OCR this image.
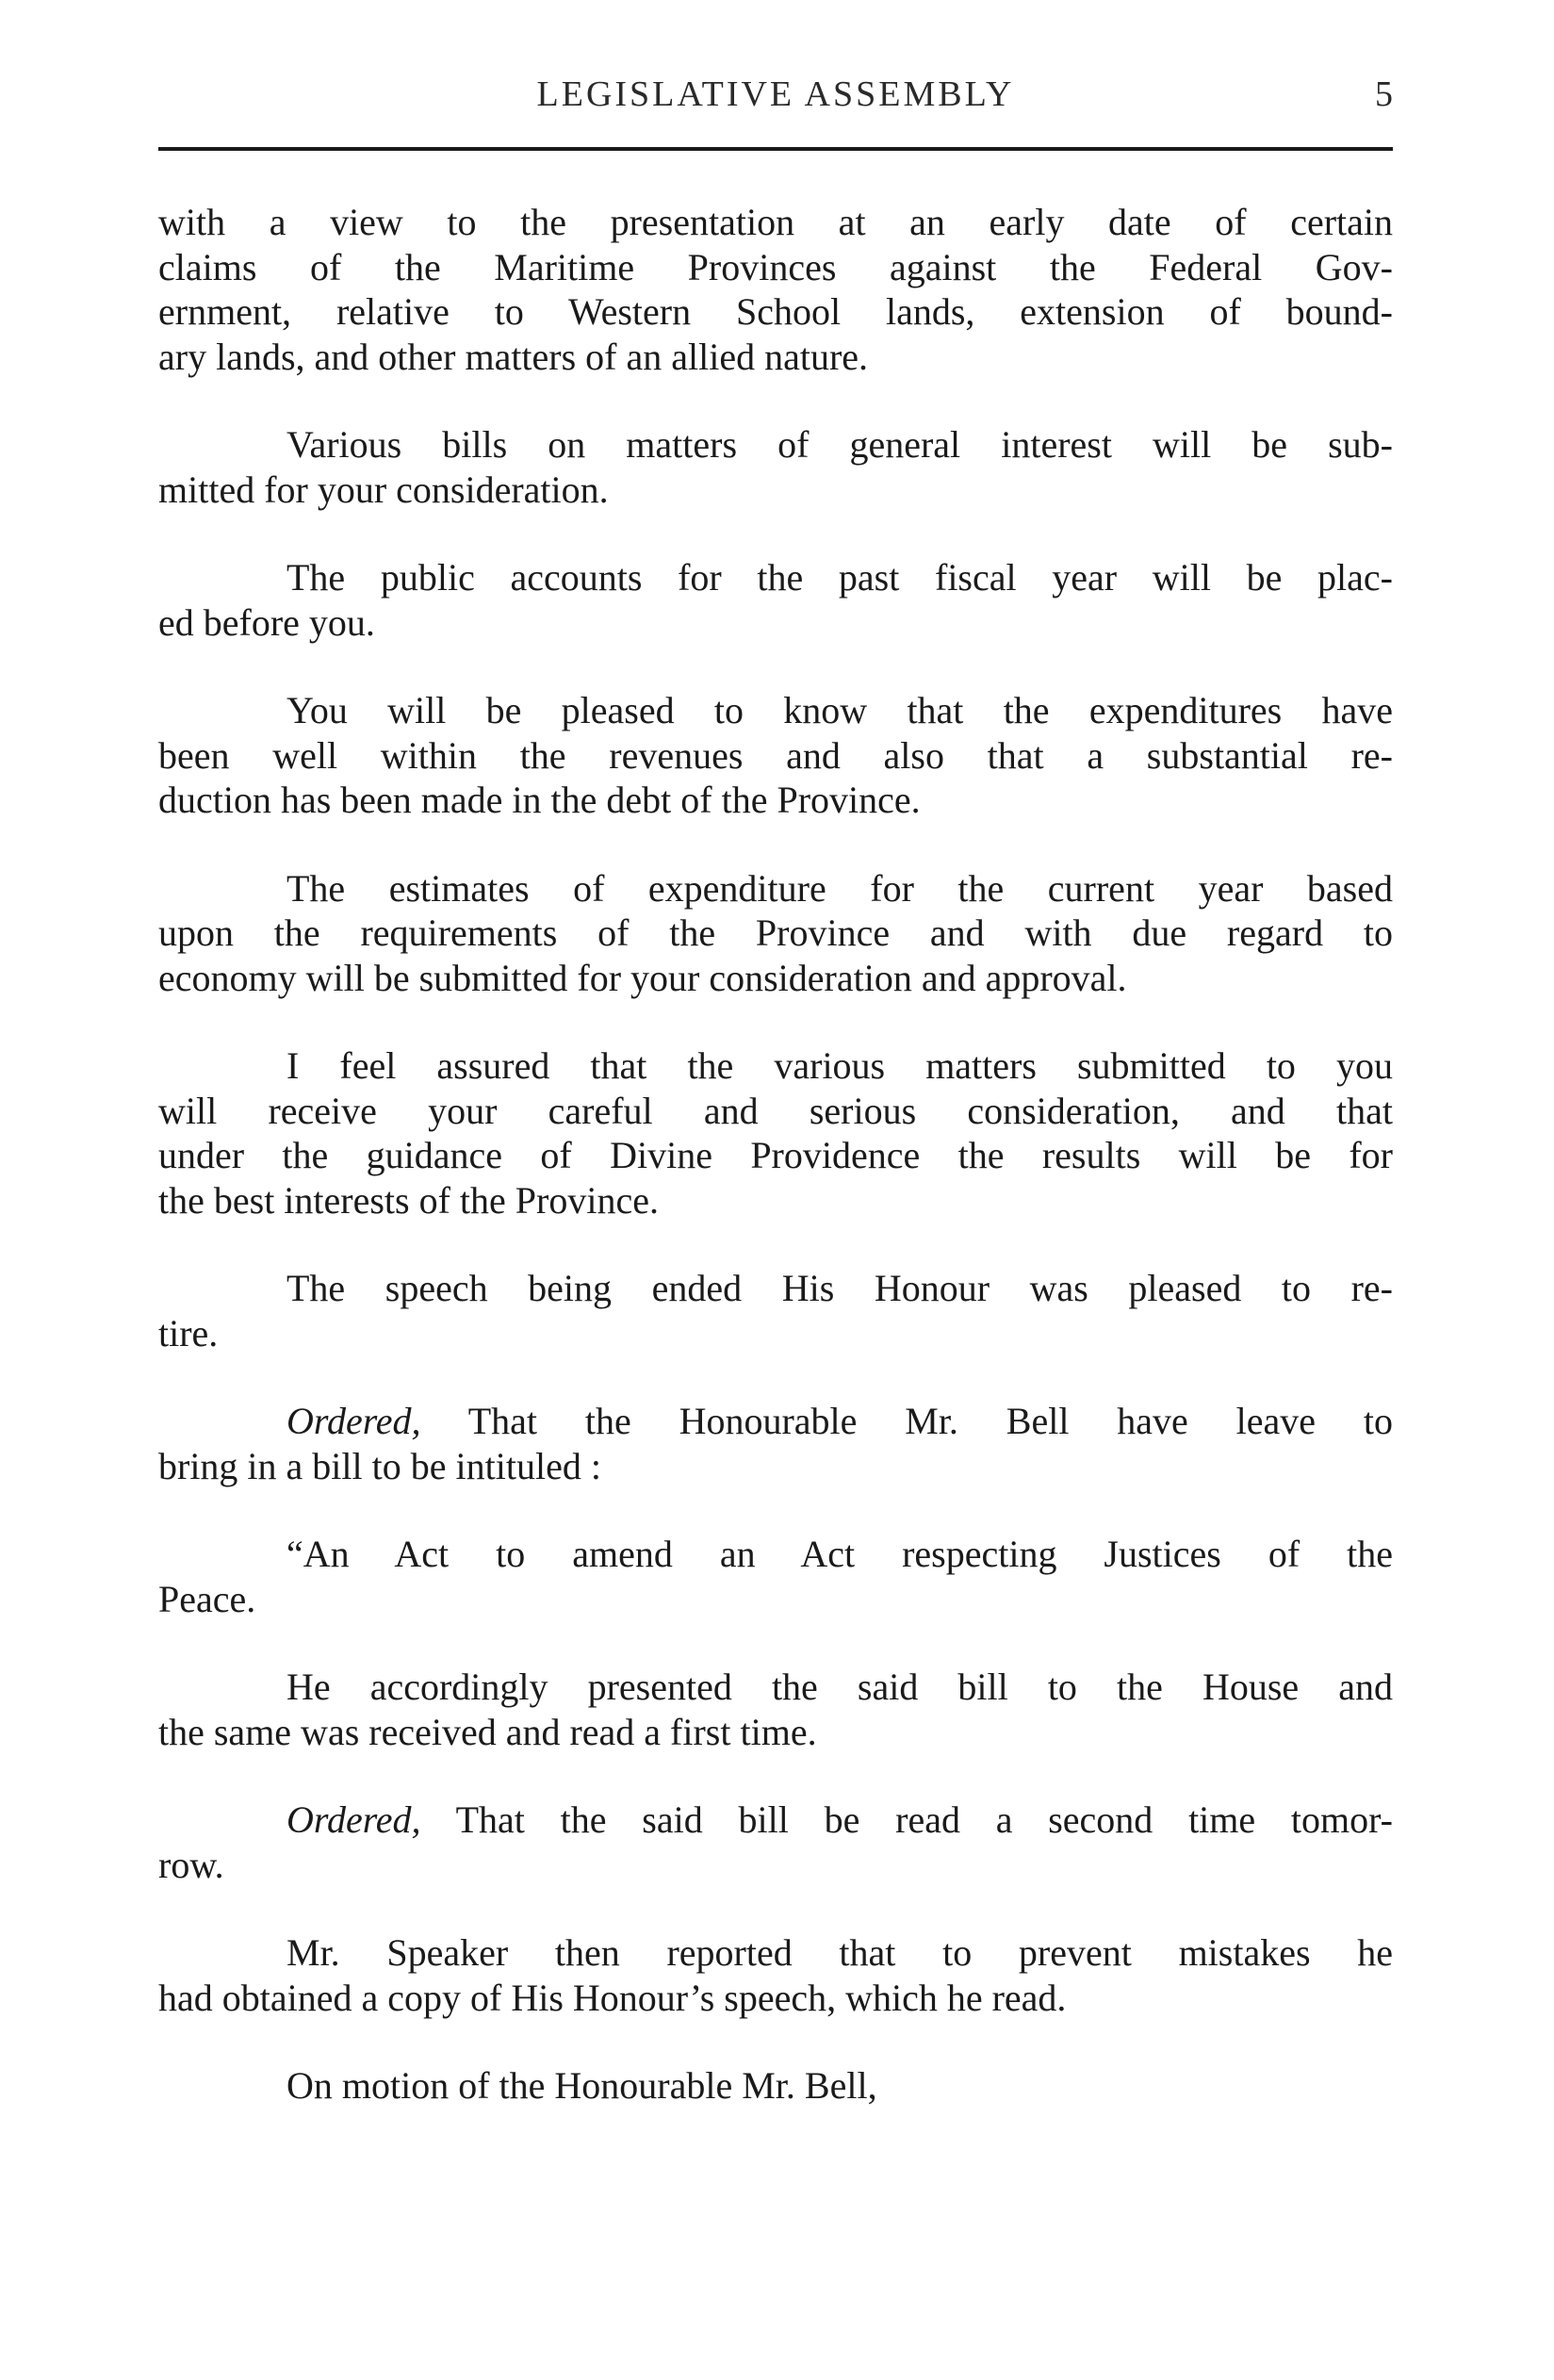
LEGISLATIVE ASSEMBLY	5

with a view to the presentation at an early date of certain
claims of the Maritime Provinces against the Federal Gov-
ernment, relative to Western School lands, extension of bound-
ary lands, and other matters of an allied nature.

Various bills on matters of general interest will be sub-
mitted for your consideration.

The public accounts for the past fiscal year will be plac-
ed before you.

You will be pleased to know that the expenditures have
been well within the revenues and also that a substantial re-
duction has been made in the debt of the Province.

The estimates of expenditure for the current year based
upon the requirements of the Province and with due regard to
economy will be submitted for your consideration and approval.

I feel assured that the various matters submitted to you
will receive your careful and serious consideration, and that
under the guidance of Divine Providence the results will be for
the best interests of the Province.

The speech being ended His Honour was pleased to re-
tire.

Ordered, That the Honourable Mr. Bell have leave to
bring in a bill to be intituled :

“An Act to amend an Act respecting Justices of the
Peace.

He accordingly presented the said bill to the House and
the same was received and read a first time.

Ordered, That the said bill be read a second time tomor-
row.

Mr. Speaker then reported that to prevent mistakes he
had obtained a copy of His Honour’s speech, which he read.

On motion of the Honourable Mr. Bell,
